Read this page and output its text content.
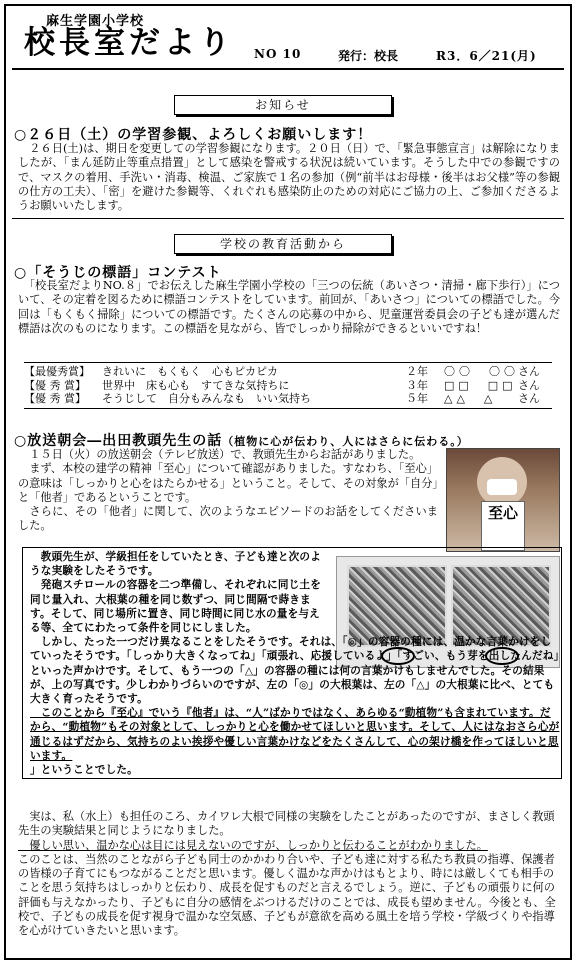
麻生学園小学校
校長室だより NO 10	発行：校長	R3．6／21(月)
お知らせ
○２６日（土）の学習参観、よろしくお願いします！

　２６日(土)は、期日を変更しての学習参観になります。２０日（日）で、「緊急事態宣言」は解除になりましたが、「まん延防止等重点措置」として感染を警戒する状況は続いています。そうした中での参観ですので、マスクの着用、手洗い・消毒、検温、ご家族で１名の参加（例“前半はお母様・後半はお父様”等の参観の仕方の工夫）、「密」を避けた参観等、くれぐれも感染防止のための対応にご協力の上、ご参加くださるようお願いいたします。

学校の教育活動から
○「そうじの標語」コンテスト

　「校長室だよりNO.８」でお伝えした麻生学園小学校の「三つの伝統（あいさつ・清掃・廊下歩行）」について、その定着を図るために標語コンテストをしています。前回が、「あいさつ」についての標語でした。今回は「もくもく掃除」についての標語です。たくさんの応募の中から、児童運営委員会の子ども達が選んだ標語は次のものになります。この標語を見ながら、皆でしっかり掃除ができるといいですね！

【最優秀賞】	きれいに　もくもく　心もピカピカ	２年	〇〇　〇〇 さん
【優 秀 賞】	世界中　床も心も　すてきな気持ちに	３年	□□　□□ さん
【優 秀 賞】	そうじして　自分もみんなも　いい気持ち	５年	△△　△	さん
○放送朝会―出田教頭先生の話（植物に心が伝わり、人にはさらに伝わる。）

　１５日（火）の放送朝会（テレビ放送）で、教頭先生からお話がありました。

　まず、本校の建学の精神「至心」について確認がありました。すなわち、「至心」の意味は「しっかりと心をはたらかせる」ということ。そして、その対象が「自分」と「他者」であるということです。

　さらに、その「他者」に関して、次のようなエピソードのお話をしてくださいました。

至心

　教頭先生が、学級担任をしていたとき、子ども達と次のような実験をしたそうです。

　発砲スチロールの容器を二つ準備し、それぞれに同じ土を同じ量入れ、大根葉の種を同じ数ずつ、同じ間隔で蒔きます。そして、同じ場所に置き、同じ時間に同じ水の量を与える等、全てにわたって条件を同じにしました。

　しかし、たった一つだけ異なることをしたそうです。それは、「◎」の容器の種には、温かな言葉かけをしていったそうです。「しっかり大きくなってね」「頑張れ、応援しているよ」「すごい、もう芽を出したんだね」といった声かけです。そして、もう一つの「△」の容器の種には何の言葉かけもしませんでした。その結果が、上の写真です。少しわかりづらいのですが、左の「◎」の大根葉は、左の「△」の大根葉に比べ、とても大きく育ったそうです。

　このことから『至心』でいう『他者』は、“人”ばかりではなく、あらゆる“動植物”も含まれています。だから、“動植物”もその対象として、しっかりと心を働かせてほしいと思います。そして、人にはなおさら心が通じるはずだから、気持ちのよい挨拶や優しい言葉かけなどをたくさんして、心の架け橋を作ってほしいと思います。

」ということでした。

　実は、私（水上）も担任のころ、カイワレ大根で同様の実験をしたことがあったのですが、まさしく教頭先生の実験結果と同じようになりました。

　優しい思い、温かな心は目には見えないのですが、しっかりと伝わることがわかりました。

このことは、当然のことながら子ども同士のかかわり合いや、子ども達に対する私たち教員の指導、保護者の皆様の子育てにもつながることだと思います。優しく温かな声かけはもとより、時には厳しくても相手のことを思う気持ちはしっかりと伝わり、成長を促すものだと言えるでしょう。逆に、子どもの頑張りに何の評価も与えなかったり、子どもに自分の感情をぶつけるだけのことでは、成長も望めません。今後とも、全校で、子どもの成長を促す視身で温かな空気感、子どもが意欲を高める風土を培う学校・学級づくりや指導を心がけていきたいと思います。
